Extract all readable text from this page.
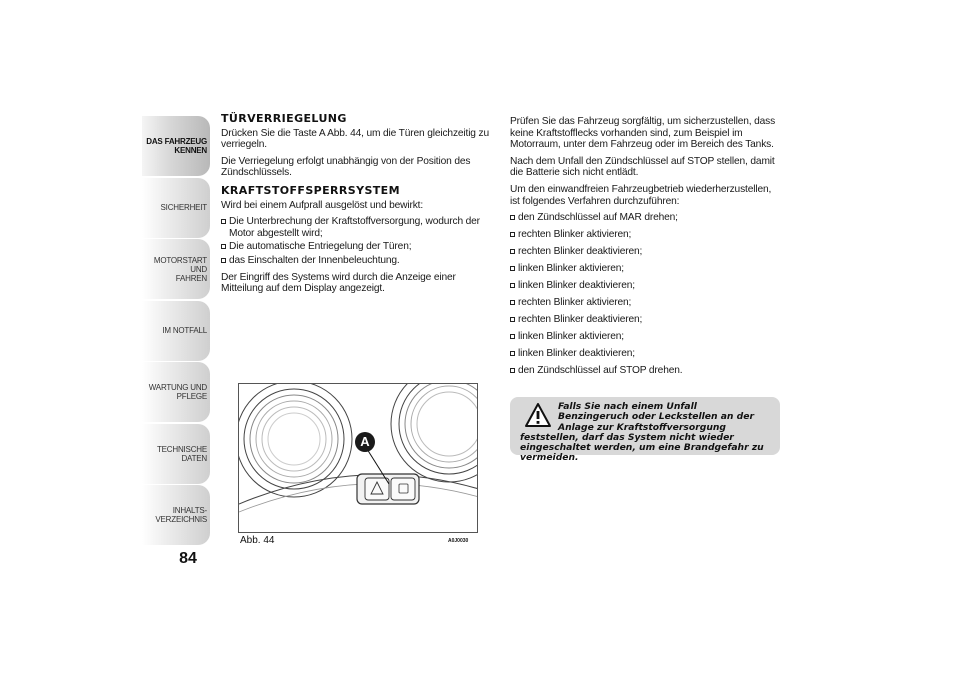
DAS FAHRZEUG
KENNEN
SICHERHEIT
MOTORSTART UND
FAHREN
IM NOTFALL
WARTUNG UND
PFLEGE
TECHNISCHE DATEN
INHALTS-
VERZEICHNIS
84
TÜRVERRIEGELUNG

Drücken Sie die Taste A Abb. 44, um die Türen gleichzeitig zu verriegeln.

Die Verriegelung erfolgt unabhängig von der Position des Zündschlüssels.

KRAFTSTOFFSPERRSYSTEM

Wird bei einem Aufprall ausgelöst und bewirkt:

Die Unterbrechung der Kraftstoffversorgung, wodurch der Motor abgestellt wird;
Die automatische Entriegelung der Türen;
das Einschalten der Innenbeleuchtung.

Der Eingriff des Systems wird durch die Anzeige einer Mitteilung auf dem Display angezeigt.

A
Abb. 44	A0J0030

Prüfen Sie das Fahrzeug sorgfältig, um sicherzustellen, dass keine Kraftstofflecks vorhanden sind, zum Beispiel im Motorraum, unter dem Fahrzeug oder im Bereich des Tanks.

Nach dem Unfall den Zündschlüssel auf STOP stellen, damit die Batterie sich nicht entlädt.

Um den einwandfreien Fahrzeugbetrieb wiederherzustellen, ist folgendes Verfahren durchzuführen:

den Zündschlüssel auf MAR drehen;
rechten Blinker aktivieren;
rechten Blinker deaktivieren;
linken Blinker aktivieren;
linken Blinker deaktivieren;
rechten Blinker aktivieren;
rechten Blinker deaktivieren;
linken Blinker aktivieren;
linken Blinker deaktivieren;
den Zündschlüssel auf STOP drehen.
Falls Sie nach einem Unfall Benzingeruch oder Leckstellen an der Anlage zur Kraftstoffversorgung feststellen, darf das System nicht wieder eingeschaltet werden, um eine Brandgefahr zu vermeiden.
